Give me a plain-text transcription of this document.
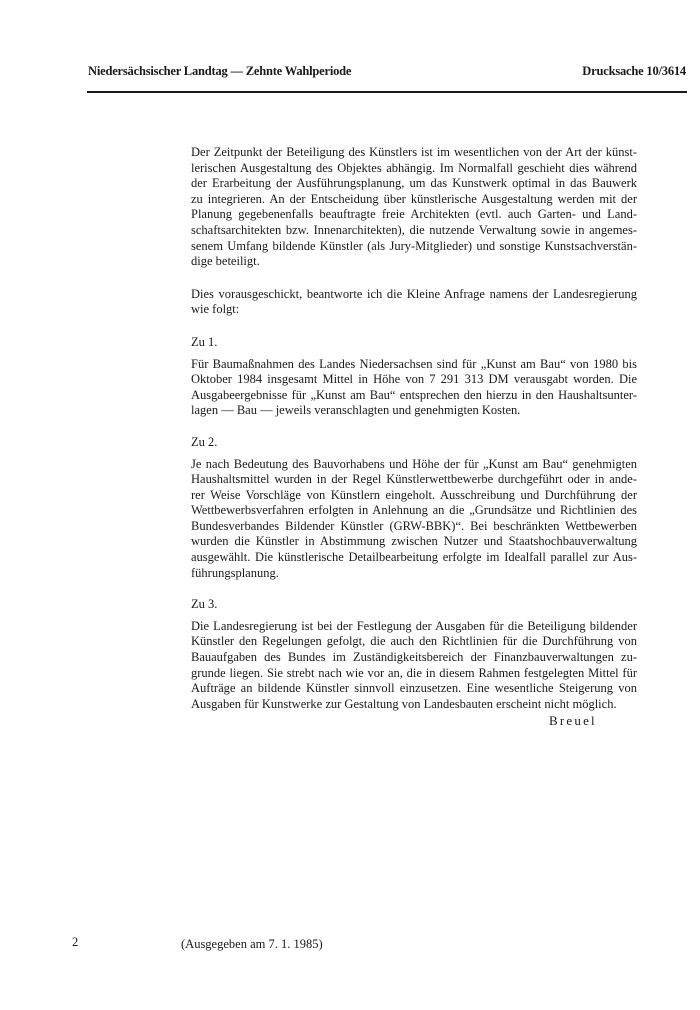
Niedersächsischer Landtag — Zehnte Wahlperiode	Drucksache 10/3614
Der Zeitpunkt der Beteiligung des Künstlers ist im wesentlichen von der Art der künst-
lerischen Ausgestaltung des Objektes abhängig. Im Normalfall geschieht dies während
der Erarbeitung der Ausführungsplanung, um das Kunstwerk optimal in das Bauwerk
zu integrieren. An der Entscheidung über künstlerische Ausgestaltung werden mit der
Planung gegebenenfalls beauftragte freie Architekten (evtl. auch Garten- und Land-
schaftsarchitekten bzw. Innenarchitekten), die nutzende Verwaltung sowie in angemes-
senem Umfang bildende Künstler (als Jury-Mitglieder) und sonstige Kunstsachverstän-
dige beteiligt.
Dies vorausgeschickt, beantworte ich die Kleine Anfrage namens der Landesregierung
wie folgt:

Zu 1.

Für Baumaßnahmen des Landes Niedersachsen sind für „Kunst am Bau“ von 1980 bis
Oktober 1984 insgesamt Mittel in Höhe von 7 291 313 DM verausgabt worden. Die
Ausgabeergebnisse für „Kunst am Bau“ entsprechen den hierzu in den Haushaltsunter-
lagen — Bau — jeweils veranschlagten und genehmigten Kosten.

Zu 2.

Je nach Bedeutung des Bauvorhabens und Höhe der für „Kunst am Bau“ genehmigten
Haushaltsmittel wurden in der Regel Künstlerwettbewerbe durchgeführt oder in ande-
rer Weise Vorschläge von Künstlern eingeholt. Ausschreibung und Durchführung der
Wettbewerbsverfahren erfolgten in Anlehnung an die „Grundsätze und Richtlinien des
Bundesverbandes Bildender Künstler (GRW-BBK)“. Bei beschränkten Wettbewerben
wurden die Künstler in Abstimmung zwischen Nutzer und Staatshochbauverwaltung
ausgewählt. Die künstlerische Detailbearbeitung erfolgte im Idealfall parallel zur Aus-
führungsplanung.

Zu 3.

Die Landesregierung ist bei der Festlegung der Ausgaben für die Beteiligung bildender
Künstler den Regelungen gefolgt, die auch den Richtlinien für die Durchführung von
Bauaufgaben des Bundes im Zuständigkeitsbereich der Finanzbauverwaltungen zu-
grunde liegen. Sie strebt nach wie vor an, die in diesem Rahmen festgelegten Mittel für
Aufträge an bildende Künstler sinnvoll einzusetzen. Eine wesentliche Steigerung von
Ausgaben für Kunstwerke zur Gestaltung von Landesbauten erscheint nicht möglich.
Breuel
2	(Ausgegeben am 7. 1. 1985)
